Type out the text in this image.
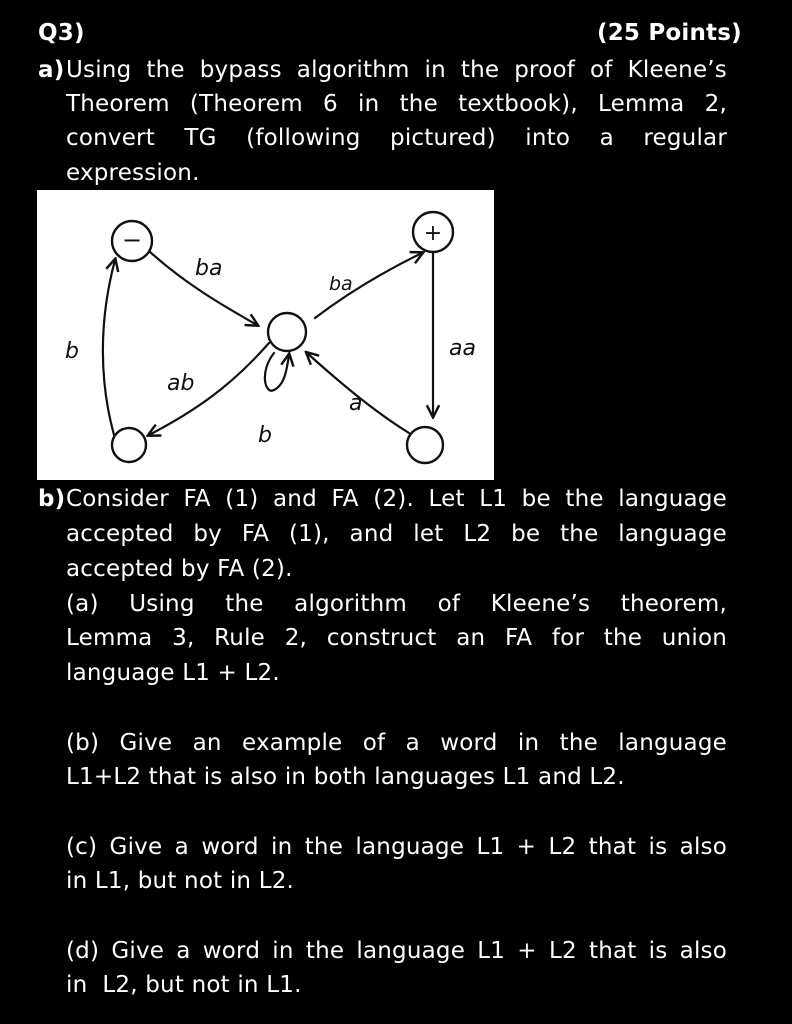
Q3)	(25 Points)
a) Using the bypass algorithm in the proof of Kleene’s
Theorem (Theorem 6 in the textbook), Lemma 2,
convert TG (following pictured) into a regular
expression.
−	+
ba
ba
aa
a
b
ab
b
b) Consider FA (1) and FA (2). Let L1 be the language
accepted by FA (1), and let L2 be the language
accepted by FA (2).
(a) Using the algorithm of Kleene’s theorem,
Lemma 3, Rule 2, construct an FA for the union
language L1 + L2.
(b) Give an example of a word in the language
L1+L2 that is also in both languages L1 and L2.
(c) Give a word in the language L1 + L2 that is also
in L1, but not in L2.
(d) Give a word in the language L1 + L2 that is also
in  L2, but not in L1.
